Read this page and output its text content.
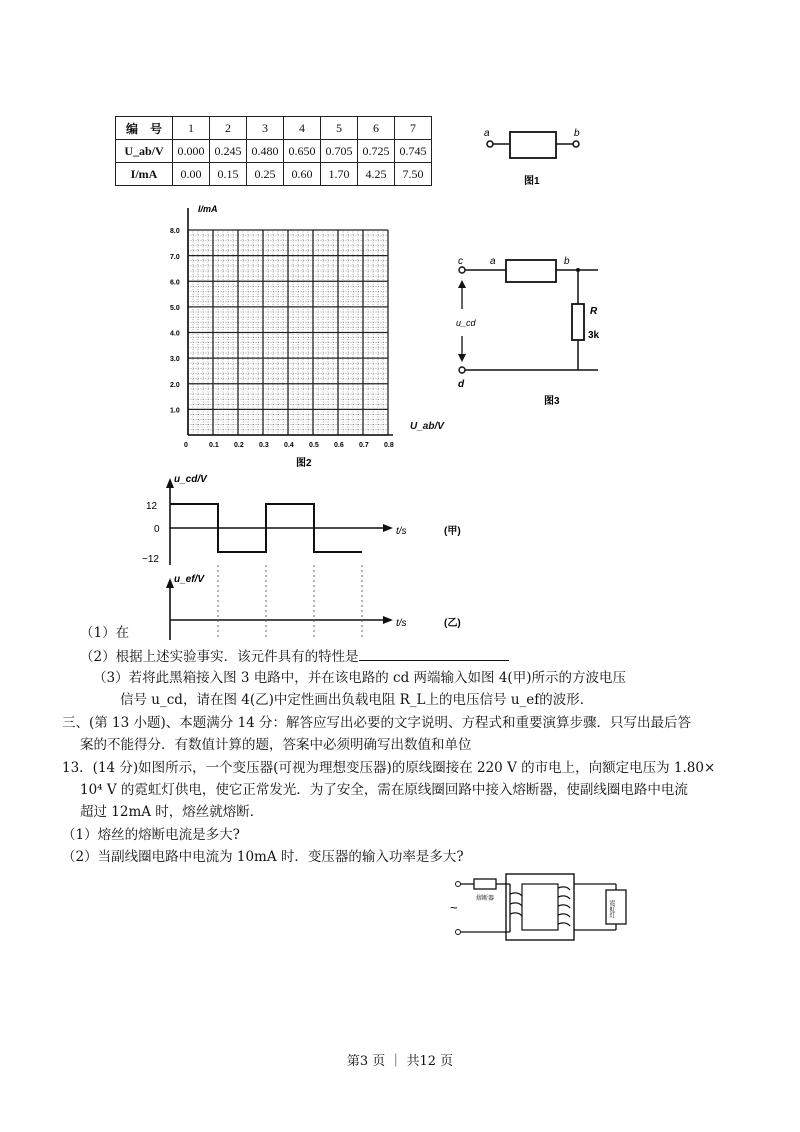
编　号	1	2	3	4	5	6	7
U_ab/V	0.000	0.245	0.480	0.650	0.705	0.725	0.745
I/mA	0.00	0.15	0.25	0.60	1.70	4.25	7.50
a	b
图1
I/mA
8.0
7.0
6.0
5.0
4.0
3.0
2.0
1.0
0	0.1 0.2 0.3 0.4 0.5 0.6 0.7 0.8
图2
U_ab/V
c	a	b
d
R
3k
u_cd
图3
u_cd/V
12
0
−12
t/s	(甲)
u_ef/V
t/s	(乙)
（1）在
（2）根据上述实验事实．该元件具有的特性是
（3）若将此黑箱接入图 3 电路中，并在该电路的 cd 两端输入如图 4(甲)所示的方波电压
信号 u_cd，请在图 4(乙)中定性画出负载电阻 R_L上的电压信号 u_ef的波形．
三、(第 13 小题)、本题满分 14 分：解答应写出必要的文字说明、方程式和重要演算步骤．只写出最后答
案的不能得分．有数值计算的题，答案中必须明确写出数值和单位
13．(14 分)如图所示，一个变压器(可视为理想变压器)的原线圈接在 220 V 的市电上，向额定电压为 1.80×
10⁴ V 的霓虹灯供电，使它正常发光．为了安全，需在原线圈回路中接入熔断器，使副线圈电路中电流
超过 12mA 时，熔丝就熔断．
（1）熔丝的熔断电流是多大?
（2）当副线圈电路中电流为 10mA 时．变压器的输入功率是多大?
~
熔断器
霓虹灯
第3 页 ｜ 共12 页
